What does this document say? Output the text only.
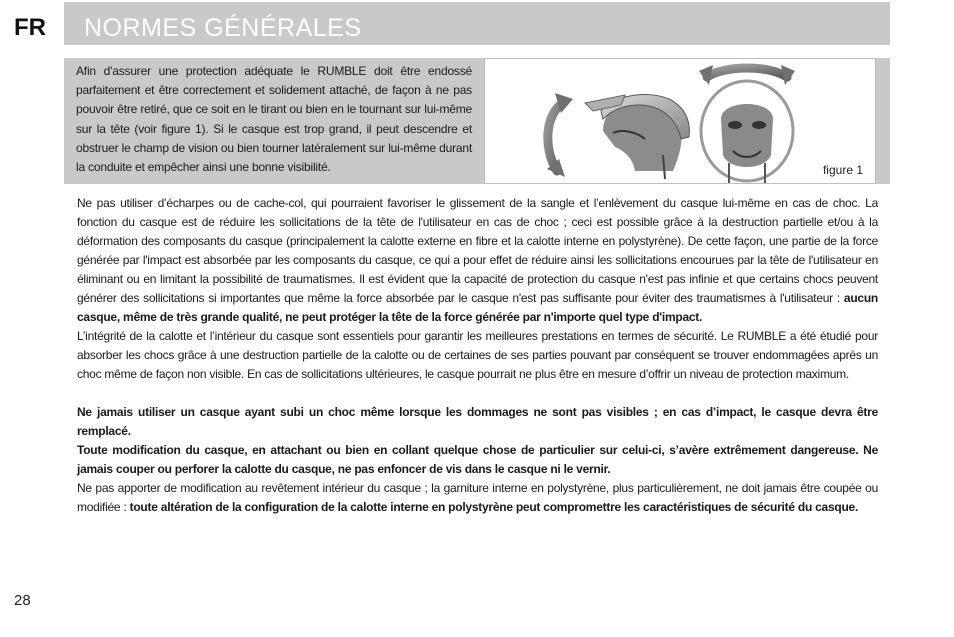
FR NORMES GÉNÉRALES
Afin d'assurer une protection adéquate le RUMBLE doit être endossé parfaitement et être correctement et solidement attaché, de façon à ne pas pouvoir être retiré, que ce soit en le tirant ou bien en le tournant sur lui-même sur la tête (voir figure 1). Si le casque est trop grand, il peut descendre et obstruer le champ de vision ou bien tourner latéralement sur lui-même durant la conduite et empêcher ainsi une bonne visibilité.	figure 1

Ne pas utiliser d’écharpes ou de cache-col, qui pourraient favoriser le glissement de la sangle et l’enlèvement du casque lui-même en cas de choc. La fonction du casque est de réduire les sollicitations de la tête de l'utilisateur en cas de choc ; ceci est possible grâce à la destruction partielle et/ou à la déformation des composants du casque (principalement la calotte externe en fibre et la calotte interne en polystyrène). De cette façon, une partie de la force générée par l'impact est absorbée par les composants du casque, ce qui a pour effet de réduire ainsi les sollicitations encourues par la tête de l'utilisateur en éliminant ou en limitant la possibilité de traumatismes. Il est évident que la capacité de protection du casque n'est pas infinie et que certains chocs peuvent générer des sollicitations si importantes que même la force absorbée par le casque n'est pas suffisante pour éviter des traumatismes à l'utilisateur : aucun casque, même de très grande qualité, ne peut protéger la tête de la force générée par n'importe quel type d'impact.

L’intégrité de la calotte et l’intérieur du casque sont essentiels pour garantir les meilleures prestations en termes de sécurité. Le RUMBLE a été étudié pour absorber les chocs grâce à une destruction partielle de la calotte ou de certaines de ses parties pouvant par conséquent se trouver endommagées après un choc même de façon non visible. En cas de sollicitations ultérieures, le casque pourrait ne plus être en mesure d’offrir un niveau de protection maximum.

Ne jamais utiliser un casque ayant subi un choc même lorsque les dommages ne sont pas visibles ; en cas d’impact, le casque devra être remplacé.

Toute modification du casque, en attachant ou bien en collant quelque chose de particulier sur celui-ci, s’avère extrêmement dangereuse. Ne jamais couper ou perforer la calotte du casque, ne pas enfoncer de vis dans le casque ni le vernir.

Ne pas apporter de modification au revêtement intérieur du casque ; la garniture interne en polystyrène, plus particulièrement, ne doit jamais être coupée ou modifiée : toute altération de la configuration de la calotte interne en polystyrène peut compromettre les caractéristiques de sécurité du casque.

28
